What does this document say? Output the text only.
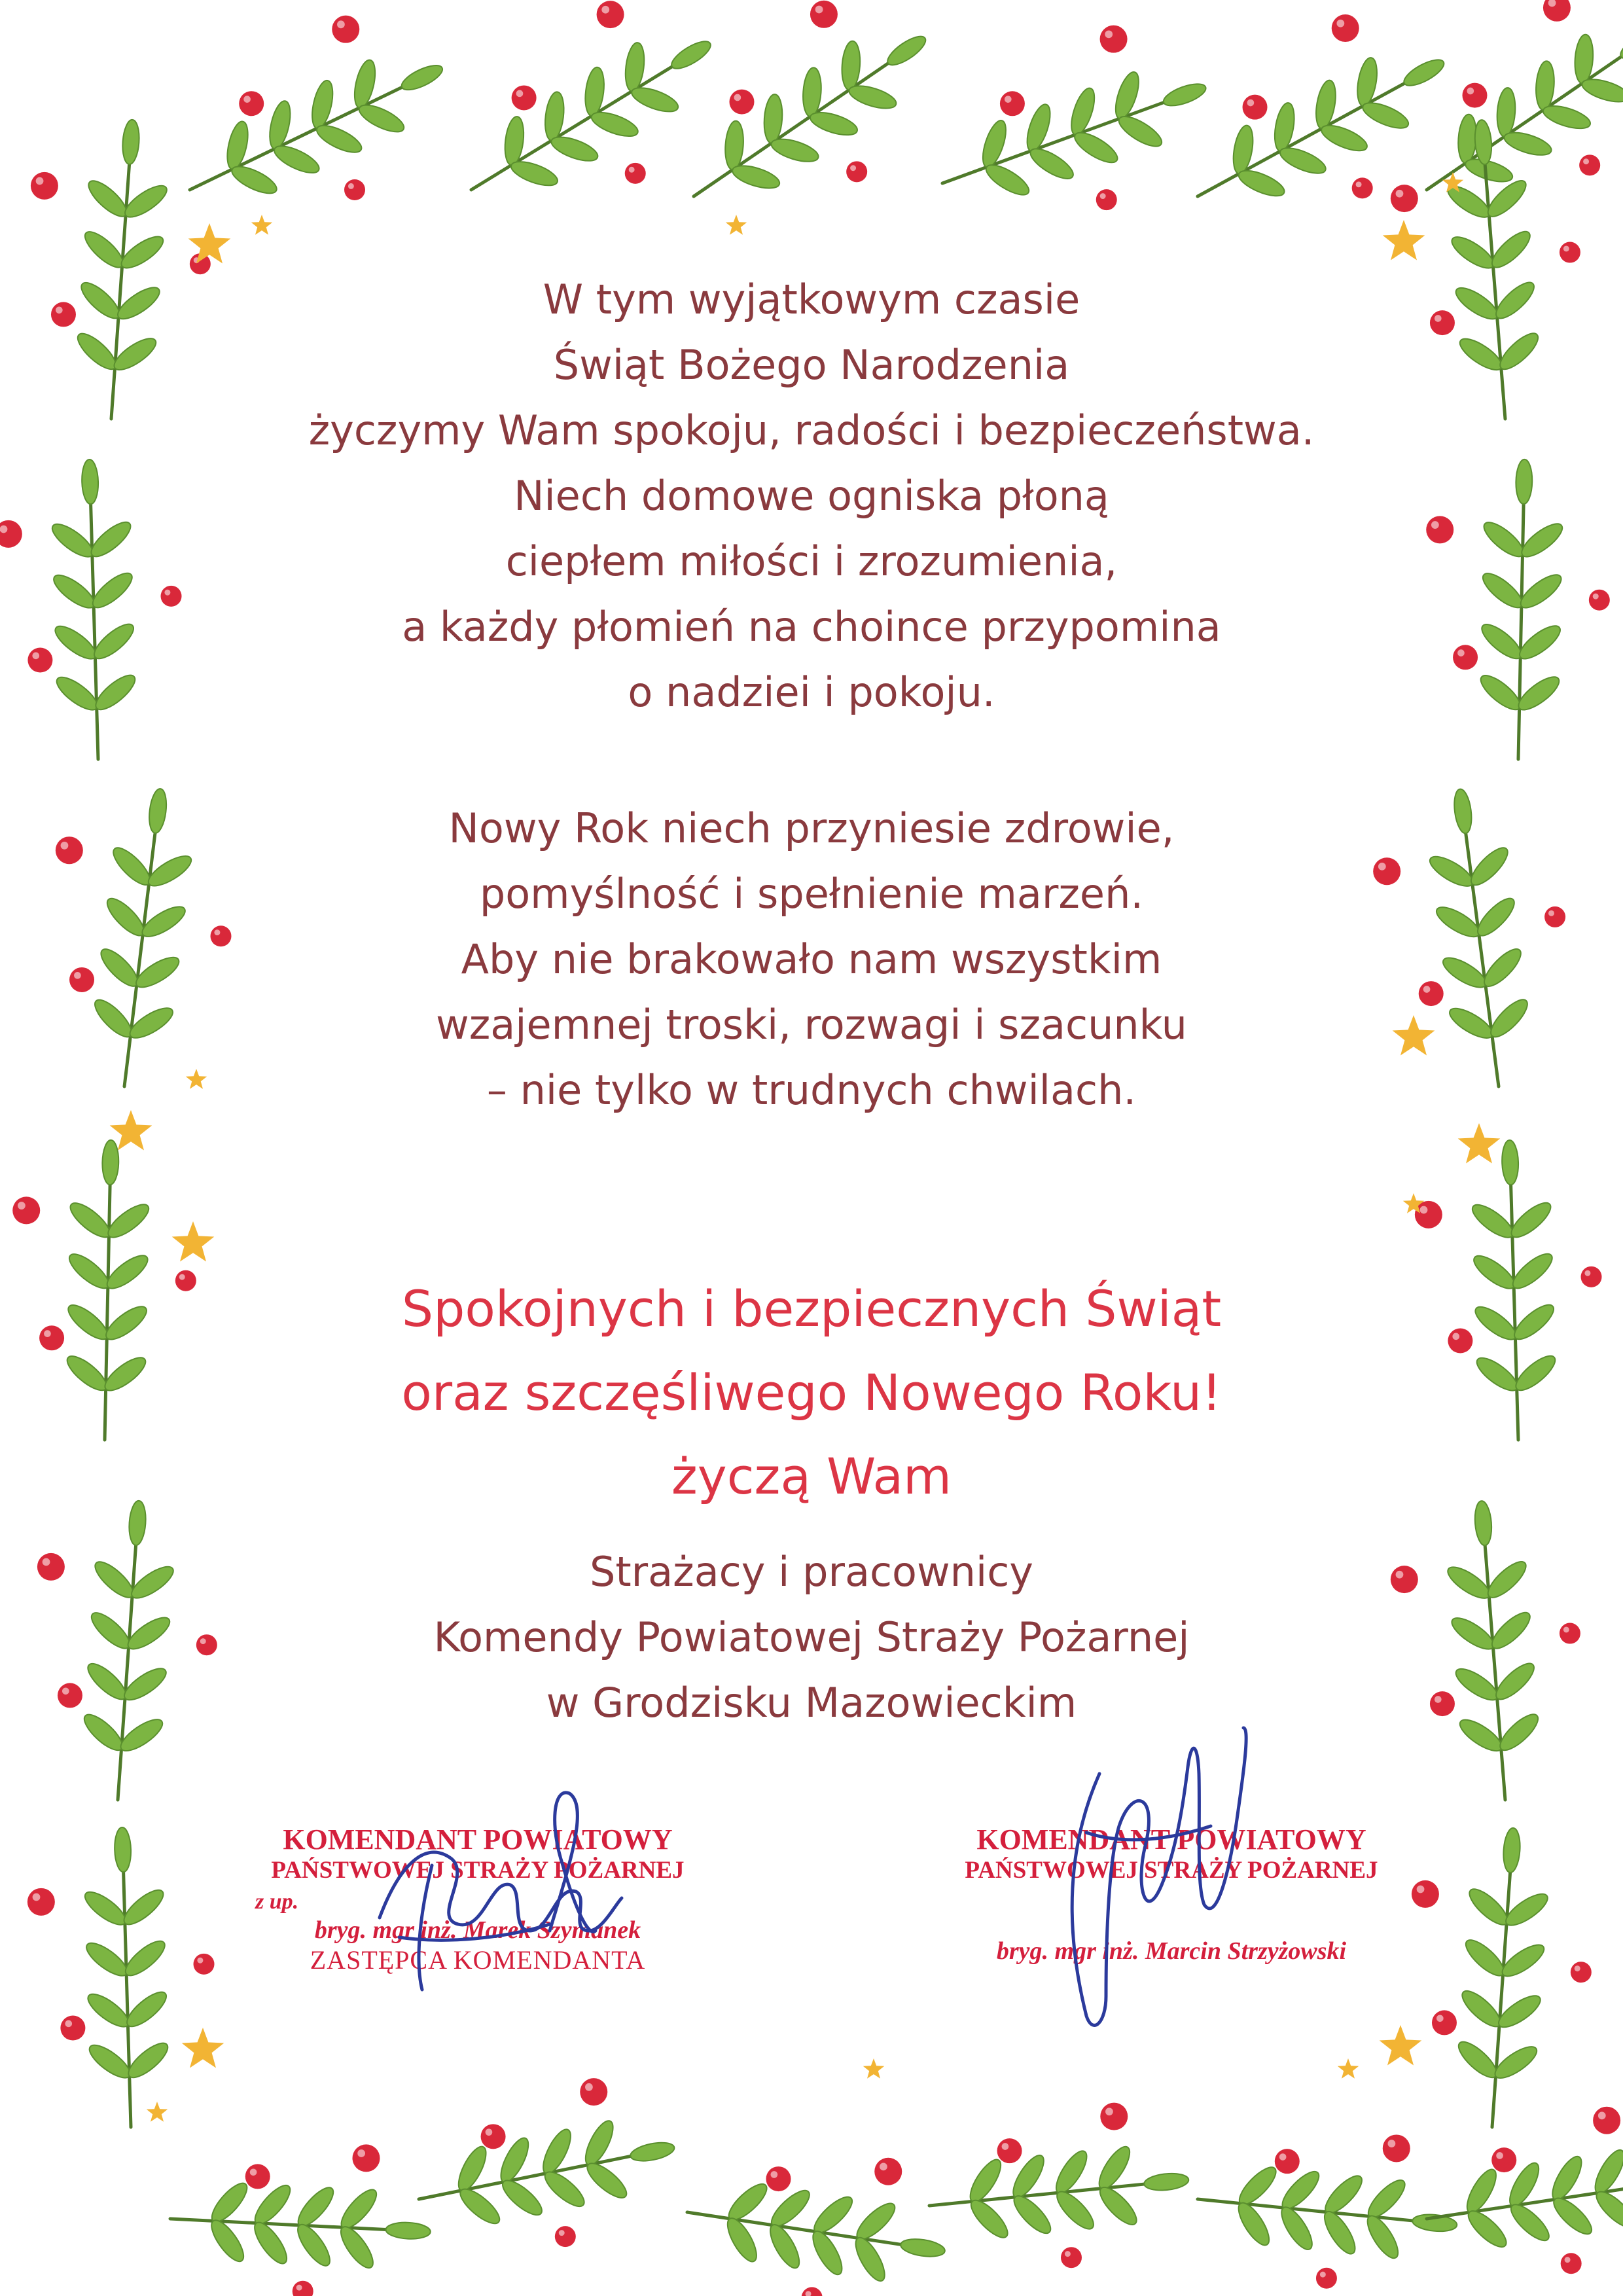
W tym wyjątkowym czasie
Świąt Bożego Narodzenia
życzymy Wam spokoju, radości i bezpieczeństwa.
Niech domowe ogniska płoną
ciepłem miłości i zrozumienia,
a każdy płomień na choince przypomina
o nadziei i pokoju.
Nowy Rok niech przyniesie zdrowie,
pomyślność i spełnienie marzeń.
Aby nie brakowało nam wszystkim
wzajemnej troski, rozwagi i szacunku
– nie tylko w trudnych chwilach.
Spokojnych i bezpiecznych Świąt
oraz szczęśliwego Nowego Roku!
życzą Wam
Strażacy i pracownicy
Komendy Powiatowej Straży Pożarnej
w Grodzisku Mazowieckim
KOMENDANT POWIATOWY
PAŃSTWOWEJ STRAŻY POŻARNEJ
z up.
bryg. mgr inż. Marek Szymanek
ZASTĘPCA KOMENDANTA
KOMENDANT POWIATOWY
PAŃSTWOWEJ STRAŻY POŻARNEJ
bryg. mgr inż. Marcin Strzyżowski
